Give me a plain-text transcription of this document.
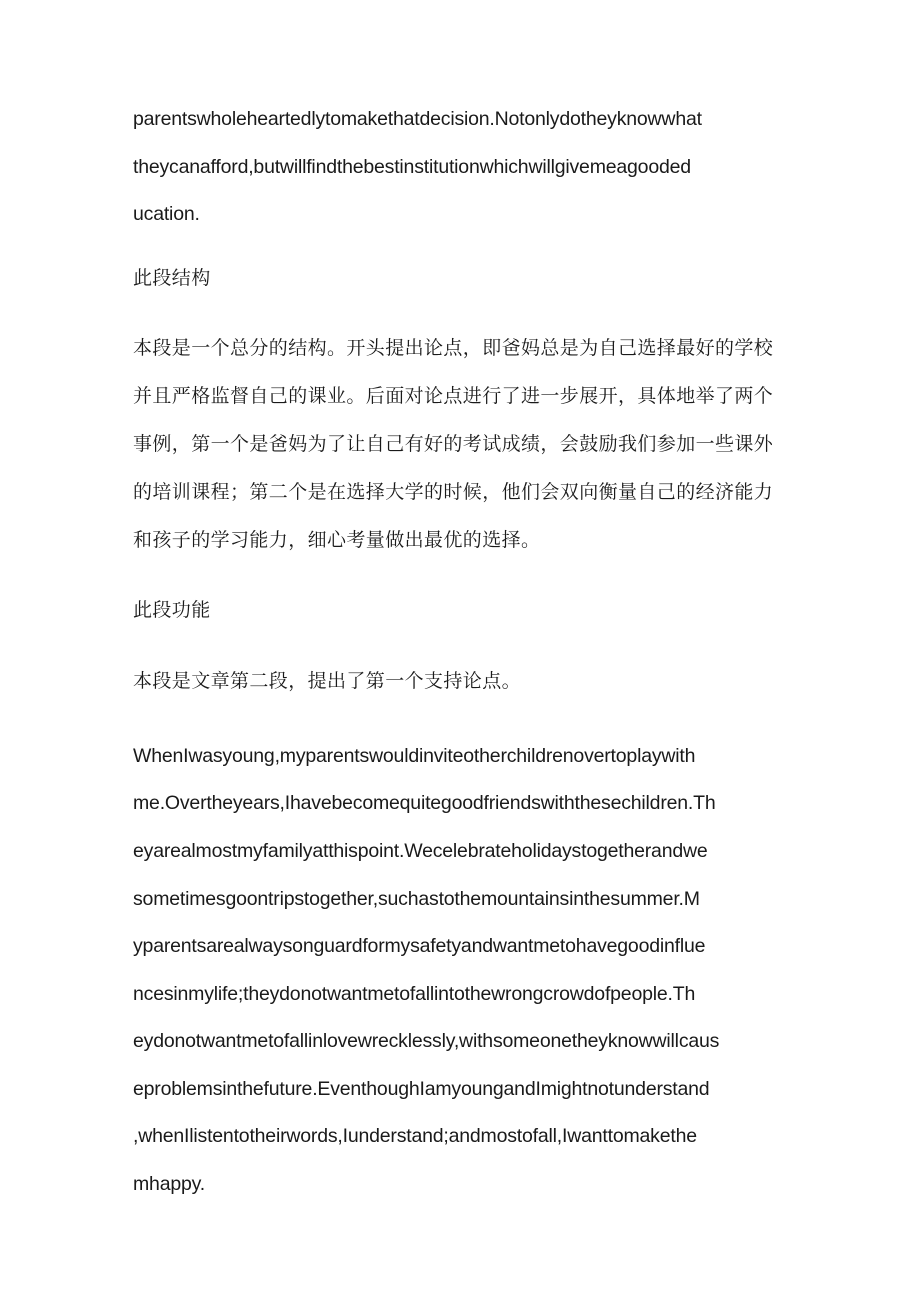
parentswholeheartedlytomakethatdecision.Notonlydotheyknowwhat
theycanafford,butwillfindthebestinstitutionwhichwillgivemeagooded
ucation.
此段结构
本段是一个总分的结构。开头提出论点，即爸妈总是为自己选择最好的学校
并且严格监督自己的课业。后面对论点进行了进一步展开，具体地举了两个
事例，第一个是爸妈为了让自己有好的考试成绩，会鼓励我们参加一些课外
的培训课程；第二个是在选择大学的时候，他们会双向衡量自己的经济能力
和孩子的学习能力，细心考量做出最优的选择。
此段功能
本段是文章第二段，提出了第一个支持论点。
WhenIwasyoung,myparentswouldinviteotherchildrenovertoplaywith
me.Overtheyears,Ihavebecomequitegoodfriendswiththesechildren.Th
eyarealmostmyfamilyatthispoint.Wecelebrateholidaystogetherandwe
sometimesgoontripstogether,suchastothemountainsinthesummer.M
yparentsarealwaysonguardformysafetyandwantmetohavegoodinflue
ncesinmylife;theydonotwantmetofallintothewrongcrowdofpeople.Th
eydonotwantmetofallinlovewrecklessly,withsomeonetheyknowwillcaus
eproblemsinthefuture.EventhoughIamyoungandImightnotunderstand
,whenIlistentotheirwords,Iunderstand;andmostofall,Iwanttomakethe
mhappy.
